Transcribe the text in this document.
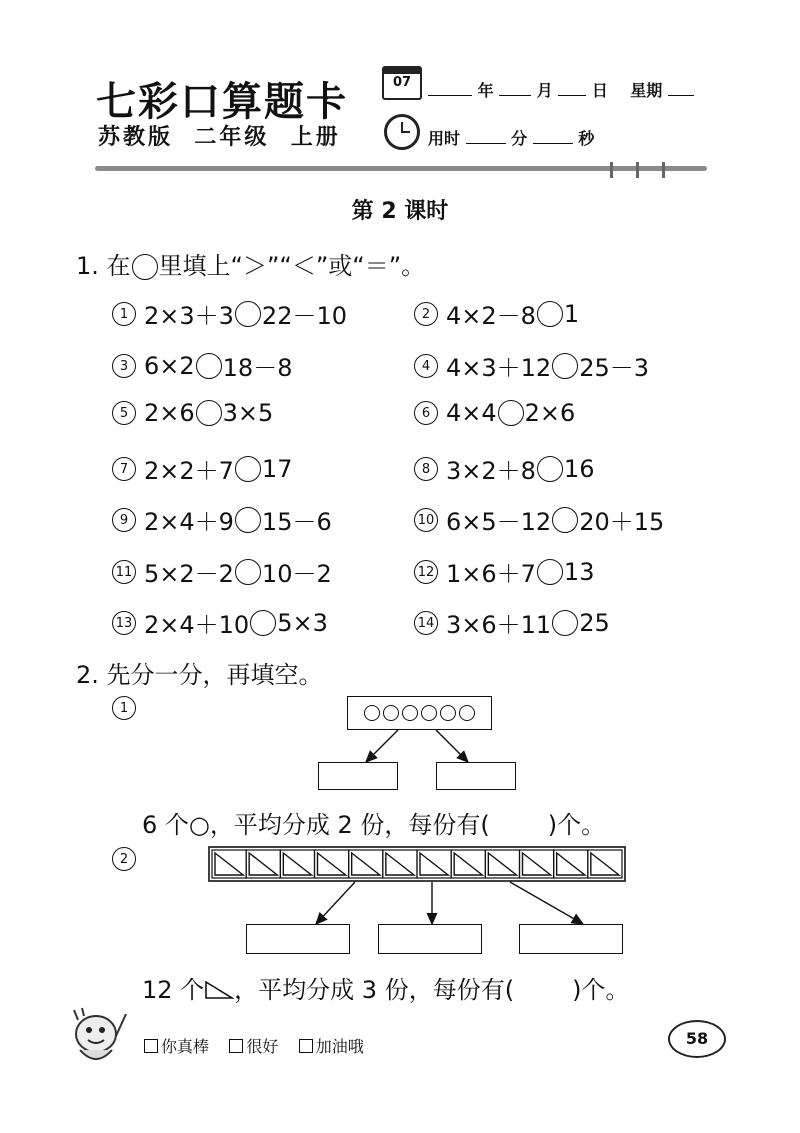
七彩口算题卡
苏教版 二年级 上册
07	年	月 日 星期
用时	分	秒
第 2 课时
1. 在 里填上“＞”“＜”或“＝”。
1 2×3＋3 22－10	2 4×2－8 1
3 6×2 18－8	4 4×3＋12 25－3
5 2×6 3×5	6 4×4 2×6
7 2×2＋7 17	8 3×2＋8 16
9 2×4＋9 15－6	10 6×5－12 20＋15
11 5×2－2 10－2	12 1×6＋7 13
13 2×4＋10 5×3	14 3×6＋11 25
2. 先分一分，再填空。
1
6 个○，平均分成 2 份，每份有( )个。
2
12 个 ，平均分成 3 份，每份有( )个。
你真棒 很好 加油哦	58
